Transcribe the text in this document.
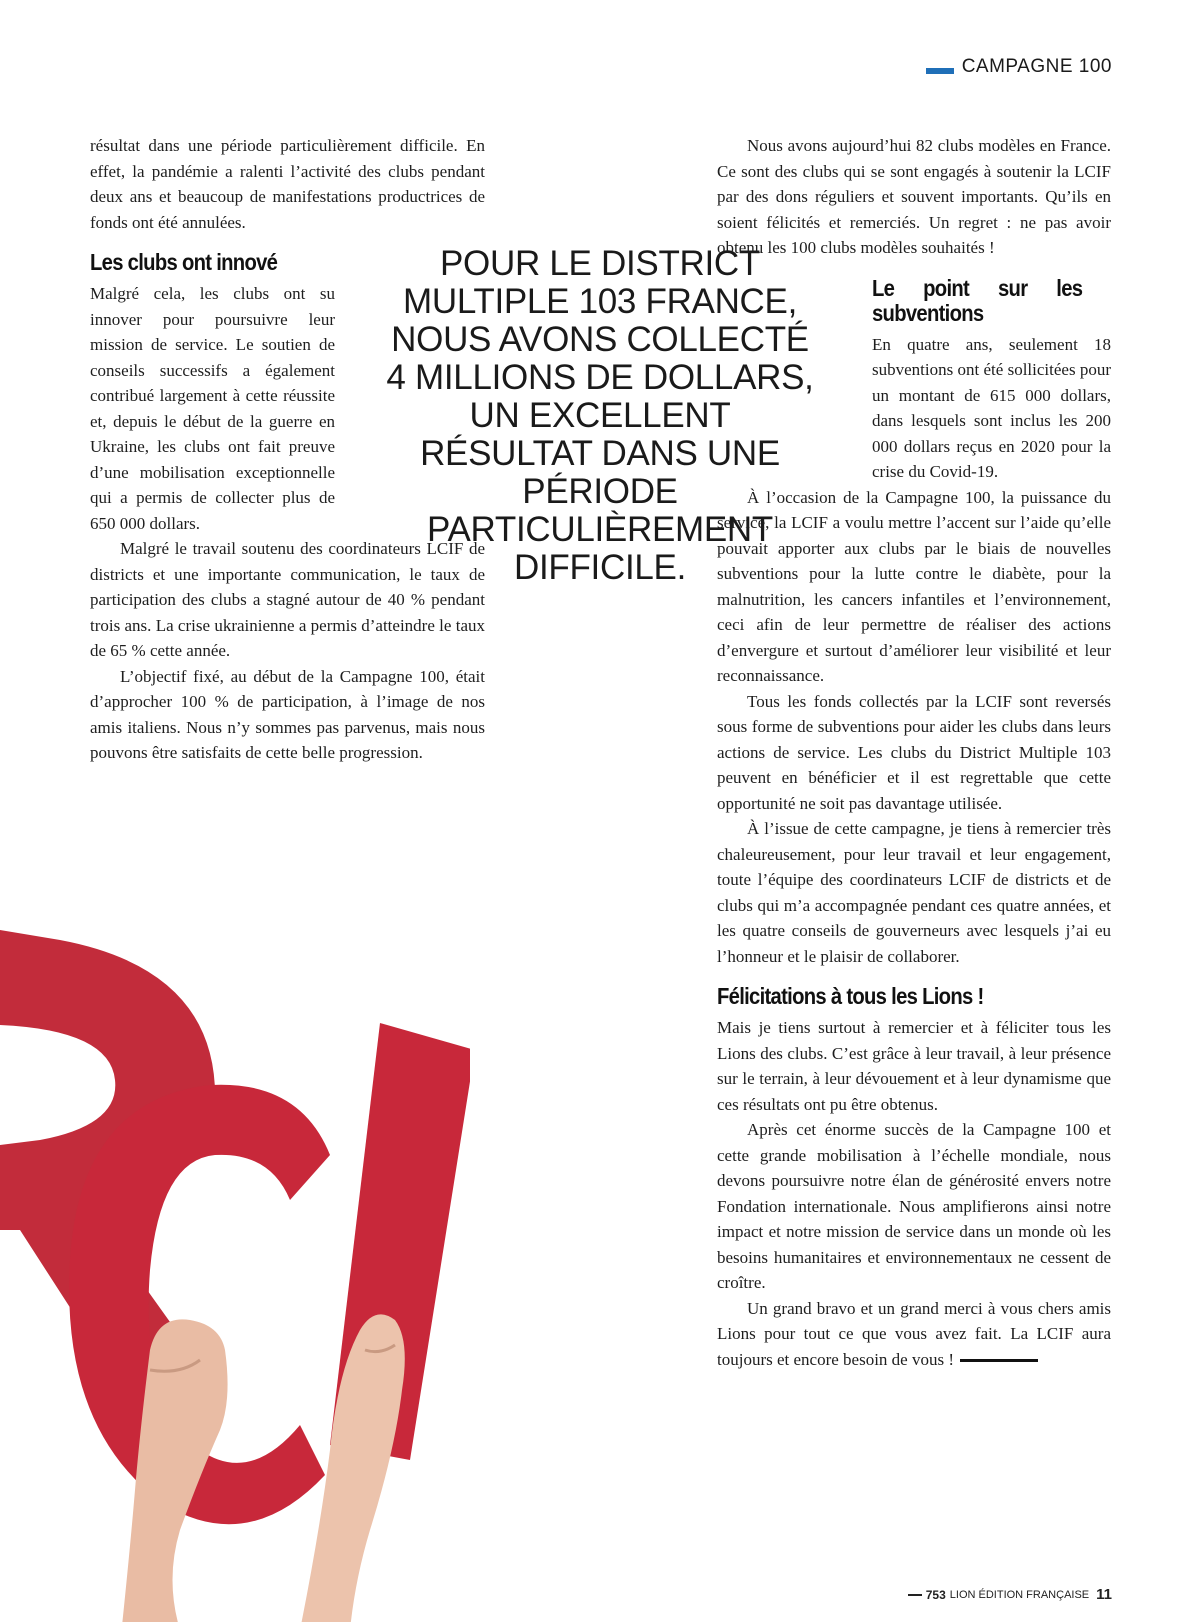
CAMPAGNE 100

résultat dans une période particulièrement difficile. En effet, la pandémie a ralenti l’activité des clubs pendant deux ans et beaucoup de manifestations productrices de fonds ont été annulées.

Les clubs ont innové

Malgré cela, les clubs ont su innover pour poursuivre leur mission de service. Le soutien de conseils successifs a également contribué largement à cette réussite et, depuis le début de la guerre en Ukraine, les clubs ont fait preuve d’une mobilisation exceptionnelle qui a permis de collecter plus de 650 000 dollars.

Malgré le travail soutenu des coordinateurs LCIF de districts et une importante communication, le taux de participation des clubs a stagné autour de 40 % pendant trois ans. La crise ukrainienne a permis d’atteindre le taux de 65 % cette année.

L’objectif fixé, au début de la Campagne 100, était d’approcher 100 % de participation, à l’image de nos amis italiens. Nous n’y sommes pas parvenus, mais nous pouvons être satisfaits de cette belle progression.

POUR LE DISTRICT MULTIPLE 103 FRANCE, NOUS AVONS COLLECTÉ 4 MILLIONS DE DOLLARS, UN EXCELLENT RÉSULTAT DANS UNE PÉRIODE PARTICULIÈREMENT DIFFICILE.

Nous avons aujourd’hui 82 clubs modèles en France. Ce sont des clubs qui se sont engagés à soutenir la LCIF par des dons réguliers et souvent importants. Qu’ils en soient félicités et remerciés. Un regret : ne pas avoir obtenu les 100 clubs modèles souhaités !

Le point sur les subventions

En quatre ans, seulement 18 subventions ont été sollicitées pour un montant de 615 000 dollars, dans lesquels sont inclus les 200 000 dollars reçus en 2020 pour la crise du Covid-19.

À l’occasion de la Campagne 100, la puissance du service, la LCIF a voulu mettre l’accent sur l’aide qu’elle pouvait apporter aux clubs par le biais de nouvelles subventions pour la lutte contre le diabète, pour la malnutrition, les cancers infantiles et l’environnement, ceci afin de leur permettre de réaliser des actions d’envergure et surtout d’améliorer leur visibilité et leur reconnaissance.

Tous les fonds collectés par la LCIF sont reversés sous forme de subventions pour aider les clubs dans leurs actions de service. Les clubs du District Multiple 103 peuvent en bénéficier et il est regrettable que cette opportunité ne soit pas davantage utilisée.

À l’issue de cette campagne, je tiens à remercier très chaleureusement, pour leur travail et leur engagement, toute l’équipe des coordinateurs LCIF de districts et de clubs qui m’a accompagnée pendant ces quatre années, et les quatre conseils de gouverneurs avec lesquels j’ai eu l’honneur et le plaisir de collaborer.

Félicitations à tous les Lions !

Mais je tiens surtout à remercier et à féliciter tous les Lions des clubs. C’est grâce à leur travail, à leur présence sur le terrain, à leur dévouement et à leur dynamisme que ces résultats ont pu être obtenus.

Après cet énorme succès de la Campagne 100 et cette grande mobilisation à l’échelle mondiale, nous devons poursuivre notre élan de générosité envers notre Fondation internationale. Nous amplifierons ainsi notre impact et notre mission de service dans un monde où les besoins humanitaires et environnementaux ne cessent de croître.

Un grand bravo et un grand merci à vous chers amis Lions pour tout ce que vous avez fait. La LCIF aura toujours et encore besoin de vous !

753 LION ÉDITION FRANÇAISE 11
